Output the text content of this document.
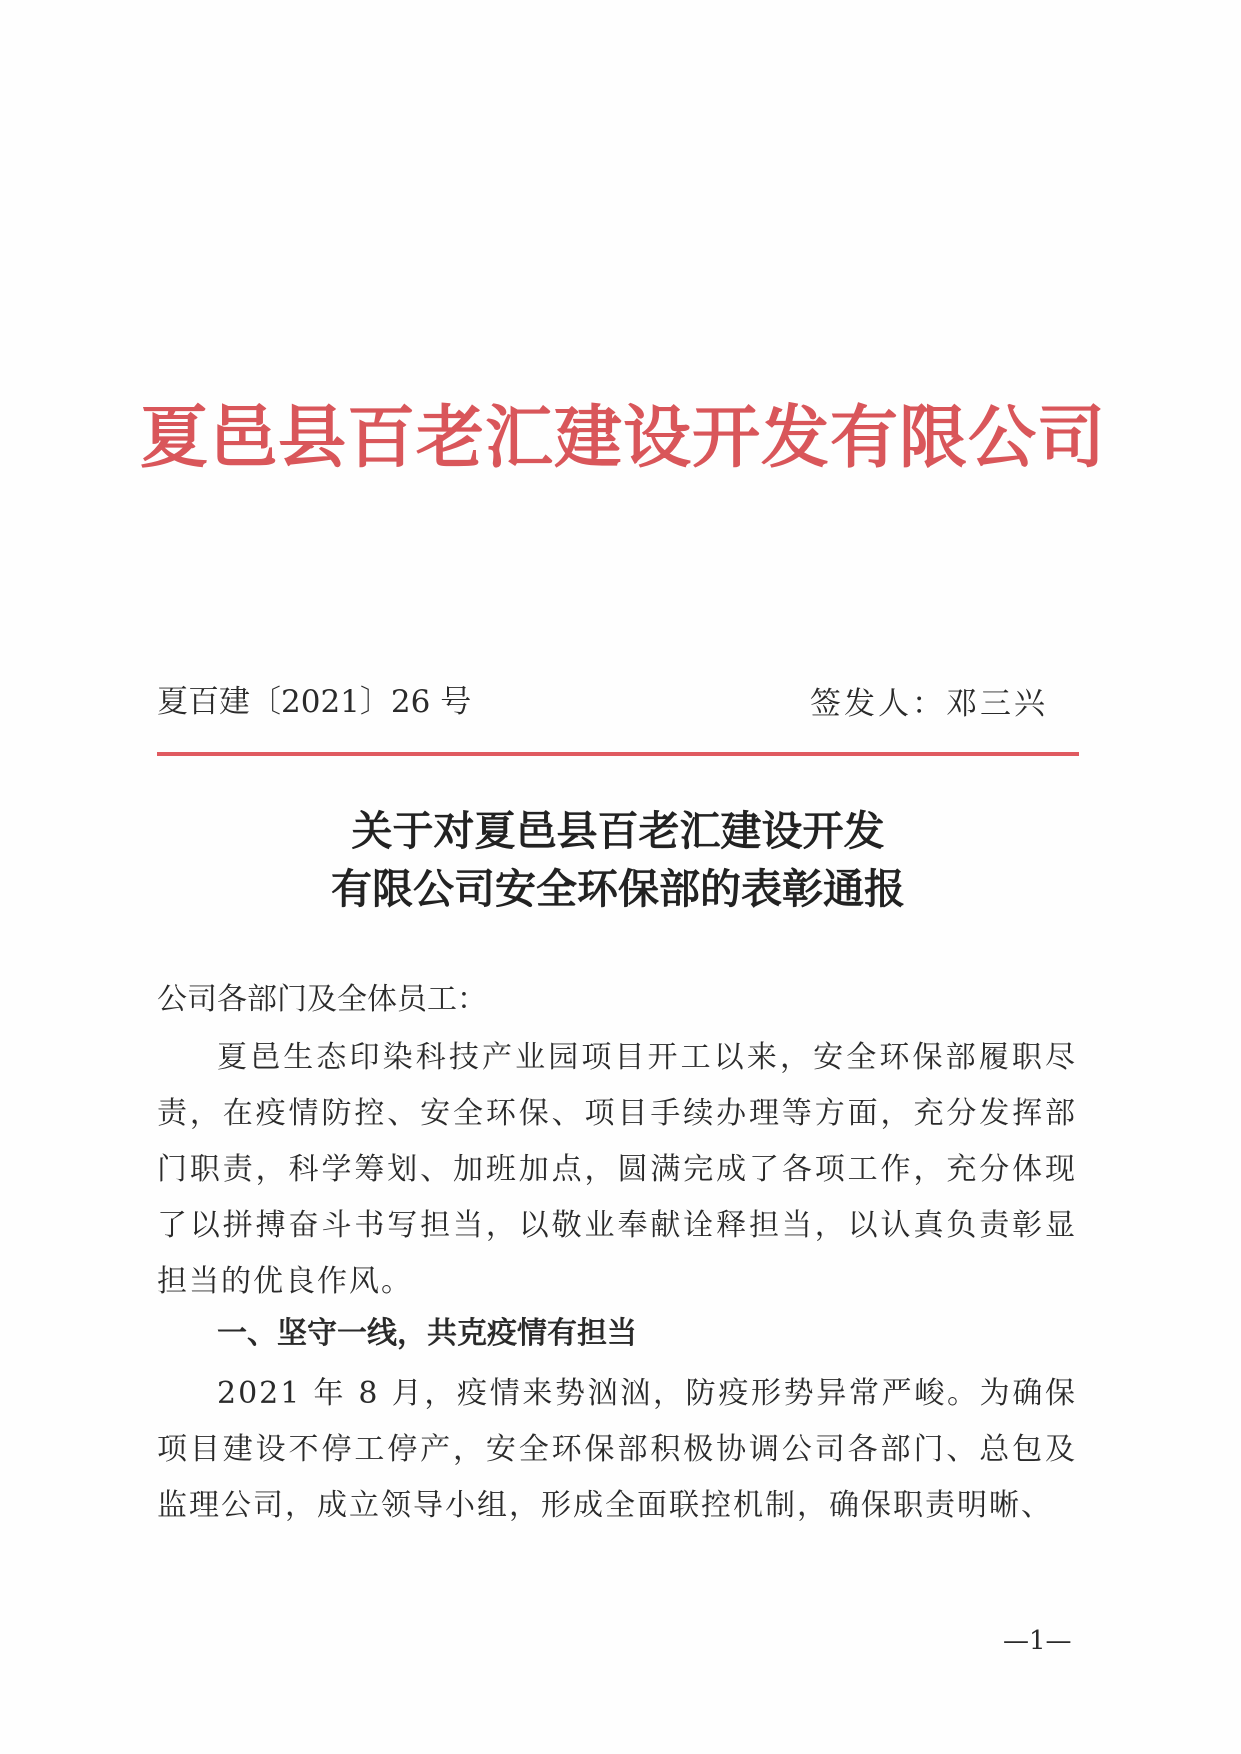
夏邑县百老汇建设开发有限公司
夏百建〔2021〕26 号	签发人：邓三兴
关于对夏邑县百老汇建设开发
有限公司安全环保部的表彰通报
公司各部门及全体员工：
夏邑生态印染科技产业园项目开工以来，安全环保部履职尽责，在疫情防控、安全环保、项目手续办理等方面，充分发挥部门职责，科学筹划、加班加点，圆满完成了各项工作，充分体现了以拼搏奋斗书写担当，以敬业奉献诠释担当，以认真负责彰显担当的优良作风。
一、坚守一线，共克疫情有担当
2021 年 8 月，疫情来势汹汹，防疫形势异常严峻。为确保项目建设不停工停产，安全环保部积极协调公司各部门、总包及监理公司，成立领导小组，形成全面联控机制，确保职责明晰、
—1—
